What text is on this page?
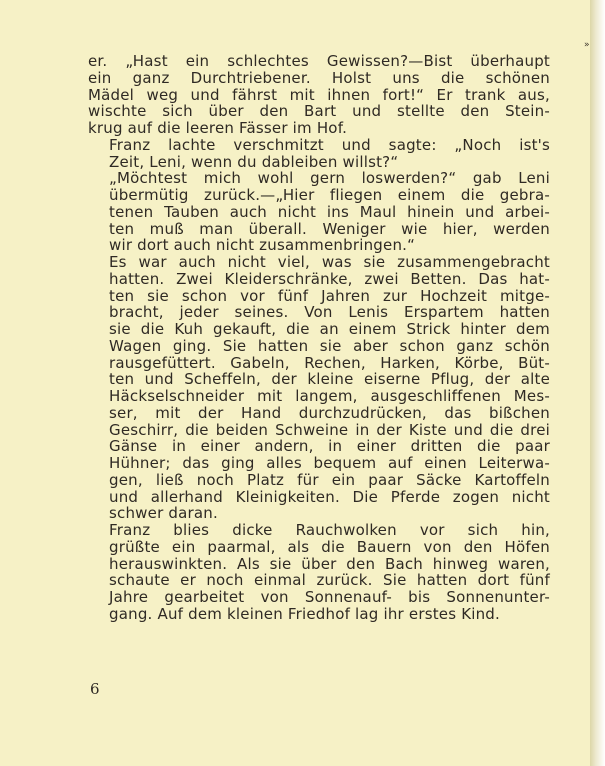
er. „Hast ein schlechtes Gewissen?—Bist überhaupt
ein ganz Durchtriebener. Holst uns die schönen
Mädel weg und fährst mit ihnen fort!“ Er trank aus,
wischte sich über den Bart und stellte den Stein-
krug auf die leeren Fässer im Hof.

Franz lachte verschmitzt und sagte: „Noch ist's
Zeit, Leni, wenn du dableiben willst?“

„Möchtest mich wohl gern loswerden?“ gab Leni
übermütig zurück.—„Hier fliegen einem die gebra-
tenen Tauben auch nicht ins Maul hinein und arbei-
ten muß man überall. Weniger wie hier, werden
wir dort auch nicht zusammenbringen.“

Es war auch nicht viel, was sie zusammengebracht
hatten. Zwei Kleiderschränke, zwei Betten. Das hat-
ten sie schon vor fünf Jahren zur Hochzeit mitge-
bracht, jeder seines. Von Lenis Erspartem hatten
sie die Kuh gekauft, die an einem Strick hinter dem
Wagen ging. Sie hatten sie aber schon ganz schön
rausgefüttert. Gabeln, Rechen, Harken, Körbe, Büt-
ten und Scheffeln, der kleine eiserne Pflug, der alte
Häckselschneider mit langem, ausgeschliffenen Mes-
ser, mit der Hand durchzudrücken, das bißchen
Geschirr, die beiden Schweine in der Kiste und die drei
Gänse in einer andern, in einer dritten die paar
Hühner; das ging alles bequem auf einen Leiterwa-
gen, ließ noch Platz für ein paar Säcke Kartoffeln
und allerhand Kleinigkeiten. Die Pferde zogen nicht
schwer daran.

Franz blies dicke Rauchwolken vor sich hin,
grüßte ein paarmal, als die Bauern von den Höfen
herauswinkten. Als sie über den Bach hinweg waren,
schaute er noch einmal zurück. Sie hatten dort fünf
Jahre gearbeitet von Sonnenauf- bis Sonnenunter-
gang. Auf dem kleinen Friedhof lag ihr erstes Kind.

6
»
